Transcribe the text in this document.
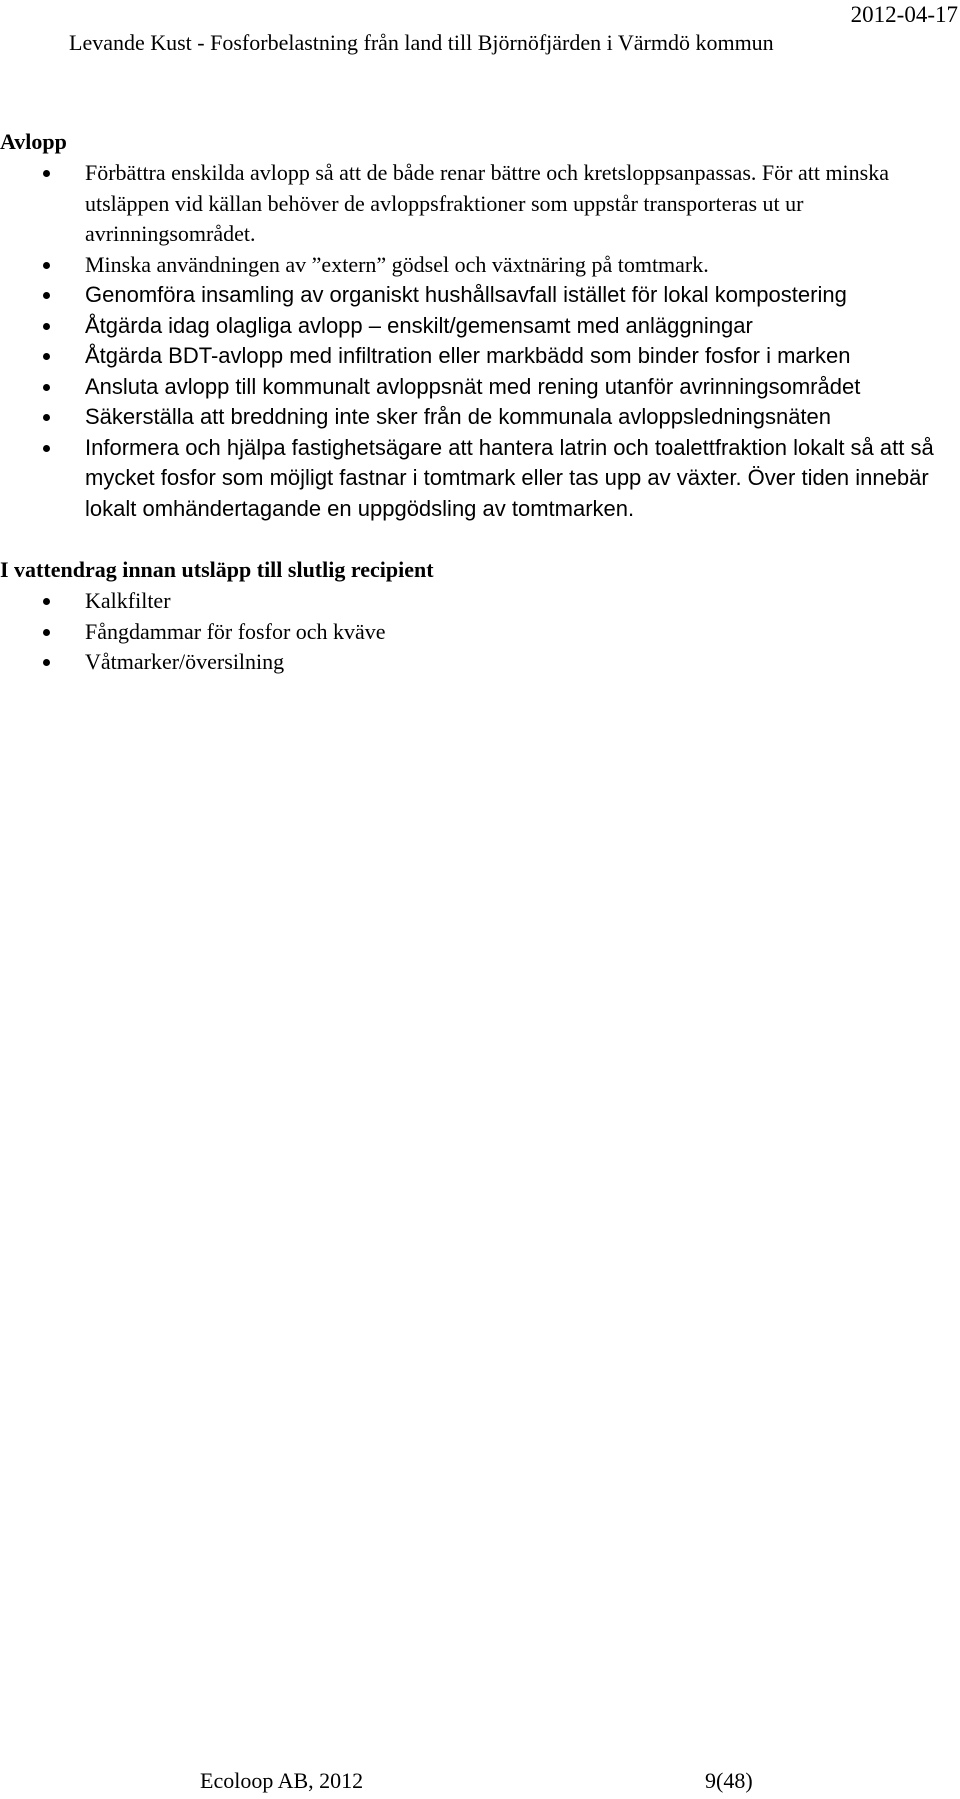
2012-04-17
Levande Kust - Fosforbelastning från land till Björnöfjärden i Värmdö kommun
Avlopp
Förbättra enskilda avlopp så att de både renar bättre och kretsloppsanpassas. För att minska utsläppen vid källan behöver de avloppsfraktioner som uppstår transporteras ut ur avrinningsområdet.
Minska användningen av ”extern” gödsel och växtnäring på tomtmark.
Genomföra insamling av organiskt hushållsavfall istället för lokal kompostering
Åtgärda idag olagliga avlopp – enskilt/gemensamt med anläggningar
Åtgärda BDT-avlopp med infiltration eller markbädd som binder fosfor i marken
Ansluta avlopp till kommunalt avloppsnät med rening utanför avrinningsområdet
Säkerställa att breddning inte sker från de kommunala avloppsledningsnäten
Informera och hjälpa fastighetsägare att hantera latrin och toalettfraktion lokalt så att så mycket fosfor som möjligt fastnar i tomtmark eller tas upp av växter. Över tiden innebär lokalt omhändertagande en uppgödsling av tomtmarken.
I vattendrag innan utsläpp till slutlig recipient
Kalkfilter
Fångdammar för fosfor och kväve
Våtmarker/översilning
Ecoloop AB, 2012	9(48)
